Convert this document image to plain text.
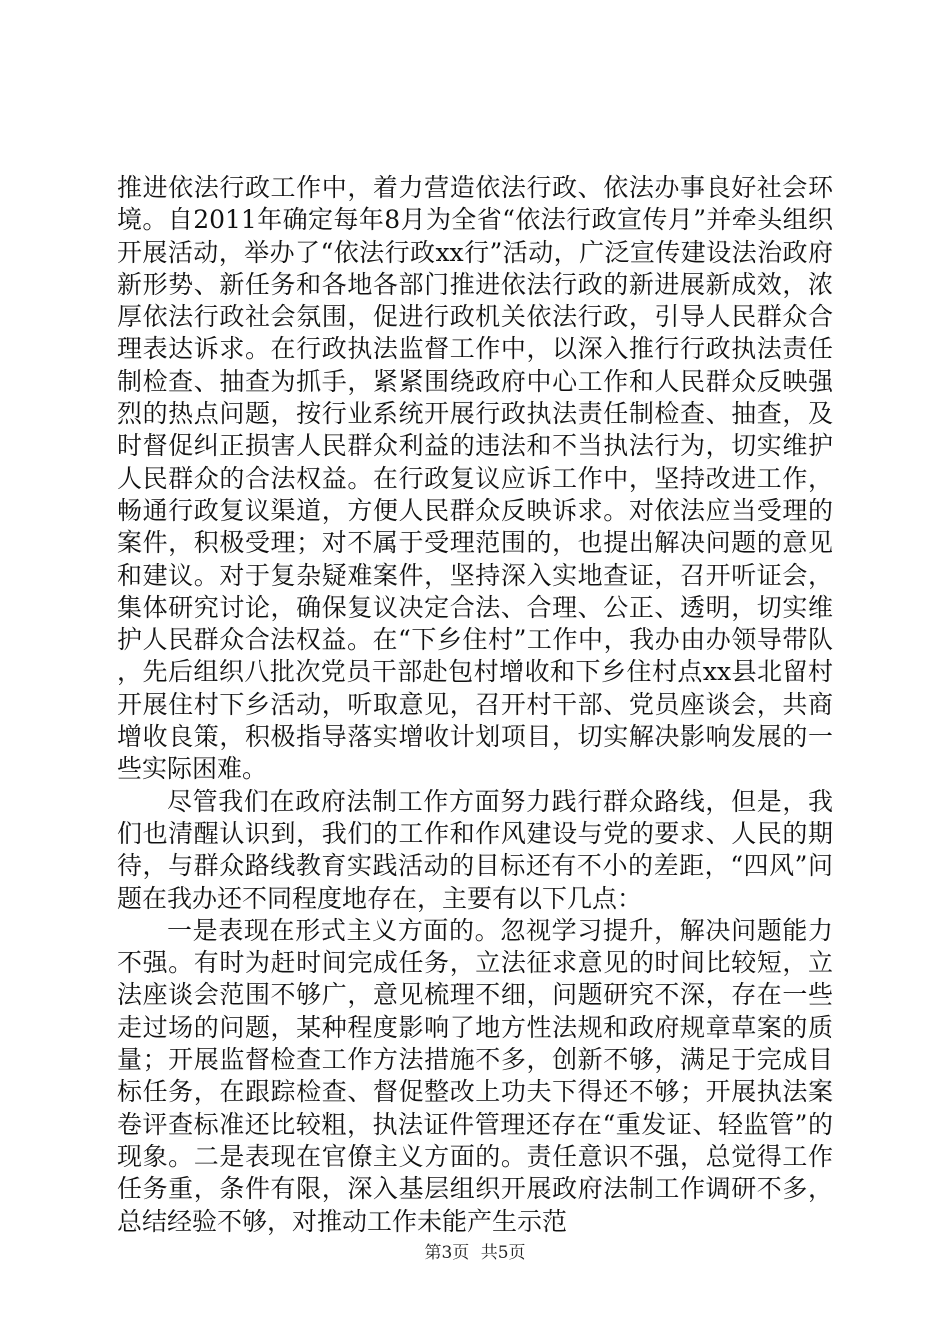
推进依法行政工作中，着力营造依法行政、依法办事良好社会环境。自2011年确定每年8月为全省“依法行政宣传月”并牵头组织开展活动，举办了“依法行政xx行”活动，广泛宣传建设法治政府新形势、新任务和各地各部门推进依法行政的新进展新成效，浓厚依法行政社会氛围，促进行政机关依法行政，引导人民群众合理表达诉求。在行政执法监督工作中，以深入推行行政执法责任制检查、抽查为抓手，紧紧围绕政府中心工作和人民群众反映强烈的热点问题，按行业系统开展行政执法责任制检查、抽查，及时督促纠正损害人民群众利益的违法和不当执法行为，切实维护人民群众的合法权益。在行政复议应诉工作中，坚持改进工作，畅通行政复议渠道，方便人民群众反映诉求。对依法应当受理的案件，积极受理；对不属于受理范围的，也提出解决问题的意见和建议。对于复杂疑难案件，坚持深入实地查证，召开听证会，集体研究讨论，确保复议决定合法、合理、公正、透明，切实维护人民群众合法权益。在“下乡住村”工作中，我办由办领导带队，先后组织八批次党员干部赴包村增收和下乡住村点xx县北留村开展住村下乡活动，听取意见，召开村干部、党员座谈会，共商增收良策，积极指导落实增收计划项目，切实解决影响发展的一些实际困难。

尽管我们在政府法制工作方面努力践行群众路线，但是，我们也清醒认识到，我们的工作和作风建设与党的要求、人民的期待，与群众路线教育实践活动的目标还有不小的差距，“四风”问题在我办还不同程度地存在，主要有以下几点：

一是表现在形式主义方面的。忽视学习提升，解决问题能力不强。有时为赶时间完成任务，立法征求意见的时间比较短，立法座谈会范围不够广，意见梳理不细，问题研究不深，存在一些走过场的问题，某种程度影响了地方性法规和政府规章草案的质量；开展监督检查工作方法措施不多，创新不够，满足于完成目标任务，在跟踪检查、督促整改上功夫下得还不够；开展执法案卷评查标准还比较粗，执法证件管理还存在“重发证、轻监管”的现象。二是表现在官僚主义方面的。责任意识不强，总觉得工作任务重，条件有限，深入基层组织开展政府法制工作调研不多，总结经验不够，对推动工作未能产生示范

第3页 共5页
